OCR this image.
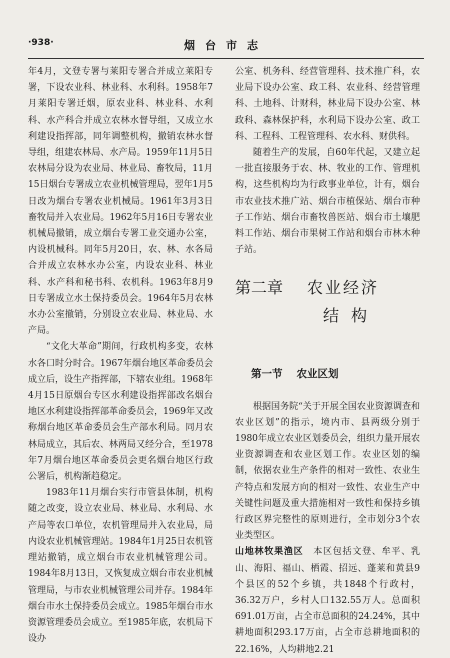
·938·	烟台市志

年4月，文登专署与莱阳专署合并成立莱阳专署，下设农业科、林业科、水利科。1958年7月莱阳专署迁烟，原农业科、林业科、水利科、水产科合并成立农林水督导组，又成立水利建设指挥部，同年调整机构，撤销农林水督导组，组建农林局、水产局。1959年11月5日农林局分设为农业局、林业局、畜牧局，11月15日烟台专署成立农业机械管理局，翌年1月5日改为烟台专署农业机械局。1961年3月3日畜牧局并入农业局。1962年5月16日专署农业机械局撤销，成立烟台专署工业交通办公室，内设机械科。同年5月20日，农、林、水各局合并成立农林水办公室，内设农业科、林业科、水产科和秘书科、农机科。1963年8月9日专署成立水土保持委员会。1964年5月农林水办公室撤销，分别设立农业局、林业局、水产局。

“文化大革命”期间，行政机构多变，农林水各口时分时合。1967年烟台地区革命委员会成立后，设生产指挥部，下辖农业组。1968年4月15日原烟台专区水利建设指挥部改名烟台地区水利建设指挥部革命委员会，1969年又改称烟台地区革命委员会生产部水利局。同月农林局成立，其后农、林两局又经分合，至1978年7月烟台地区革命委员会更名烟台地区行政公署后，机构渐趋稳定。

1983年11月烟台实行市管县体制，机构随之改变，设立农业局、林业局、水利局、水产局等农口单位，农机管理局并入农业局，局内设农业机械管理站。1984年1月25日农机管理站撤销，成立烟台市农业机械管理公司。1984年8月13日，又恢复成立烟台市农业机械管理局，与市农业机械管理公司并存。1984年烟台市水土保持委员会成立。1985年烟台市水资源管理委员会成立。至1985年底，农机局下设办

公室、机务科、经营管理科、技术推广科，农业局下设办公室、政工科、农业科、经营管理科、土地科、计财科，林业局下设办公室、林政科、森林保护科，水利局下设办公室、政工科、工程科、工程管理科、农水科、财供科。

随着生产的发展，自60年代起，又建立起一批直接服务于农、林、牧业的工作、管理机构，这些机构均为行政事业单位，计有，烟台市农业技术推广站、烟台市植保站、烟台市种子工作站、烟台市畜牧兽医站、烟台市土壤肥料工作站、烟台市果树工作站和烟台市林木种子站。

第二章 农业经济
结构
第一节 农业区划

根据国务院“关于开展全国农业资源调查和农业区划”的指示，境内市、县两级分别于1980年成立农业区划委员会，组织力量开展农业资源调查和农业区划工作。农业区划的编制，依据农业生产条件的相对一致性、农业生产特点和发展方向的相对一致性、农业生产中关键性问题及重大措施相对一致性和保持乡镇行政区界完整性的原则进行，全市划分3个农业类型区。

山地林牧果渔区　 本区包括文登、牟平、乳山、海阳、福山、栖霞、招远、蓬莱和黄县9个县区的52个乡镇，共1848个行政村，36.32万户，乡村人口132.55万人。总面积691.01万亩，占全市总面积的24.24%，其中耕地面积293.17万亩，占全市总耕地面积的22.16%，人均耕地2.21
